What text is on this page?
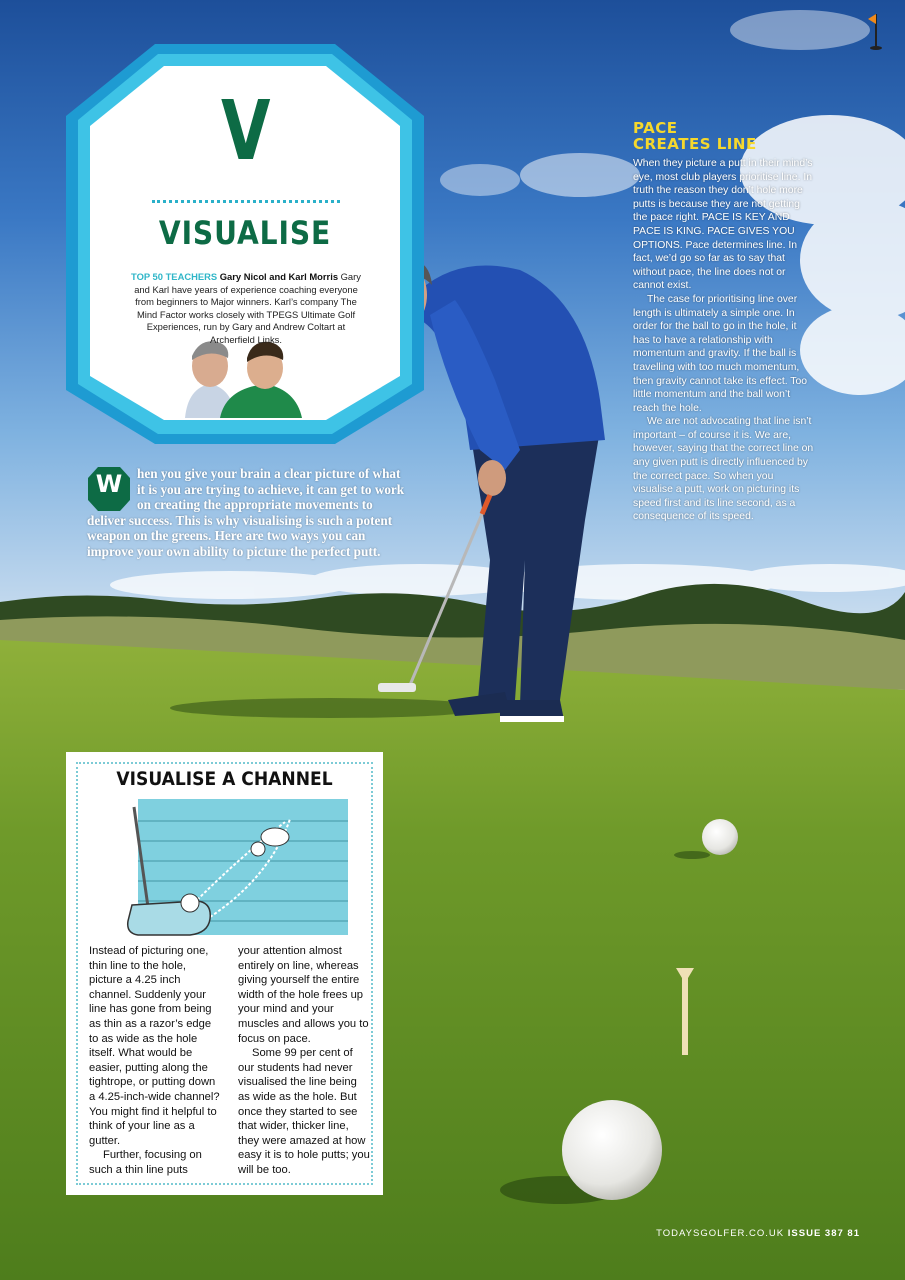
V
VISUALISE
TOP 50 TEACHERS Gary Nicol and Karl Morris Gary and Karl have years of experience coaching everyone from beginners to Major winners. Karl’s company The Mind Factor works closely with TPEGS Ultimate Golf Experiences, run by Gary and Andrew Coltart at Archerfield Links.
W	hen you give your brain a clear picture of what it is you are trying to achieve, it can get to work on creating the appropriate movements to deliver success. This is why visualising is such a potent weapon on the greens. Here are two ways you can improve your own ability to picture the perfect putt.
PACE
CREATES LINE

When they picture a putt in their mind’s eye, most club players prioritise line. In truth the reason they don’t hole more putts is because they are not getting the pace right. PACE IS KEY AND PACE IS KING. PACE GIVES YOU OPTIONS. Pace determines line. In fact, we’d go so far as to say that without pace, the line does not or cannot exist.

The case for prioritising line over length is ultimately a simple one. In order for the ball to go in the hole, it has to have a relationship with momentum and gravity. If the ball is travelling with too much momentum, then gravity cannot take its effect. Too little momentum and the ball won’t reach the hole.

We are not advocating that line isn’t important – of course it is. We are, however, saying that the correct line on any given putt is directly influenced by the correct pace. So when you visualise a putt, work on picturing its speed first and its line second, as a consequence of its speed.

VISUALISE A CHANNEL

Instead of picturing one, thin line to the hole, picture a 4.25 inch channel. Suddenly your line has gone from being as thin as a razor’s edge to as wide as the hole itself. What would be easier, putting along the tightrope, or putting down a 4.25-inch-wide channel? You might find it helpful to think of your line as a gutter.

Further, focusing on such a thin line puts

your attention almost entirely on line, whereas giving yourself the entire width of the hole frees up your mind and your muscles and allows you to focus on pace.

Some 99 per cent of our students had never visualised the line being as wide as the hole. But once they started to see that wider, thicker line, they were amazed at how easy it is to hole putts; you will be too.

TODAYSGOLFER.CO.UK ISSUE 387 81
